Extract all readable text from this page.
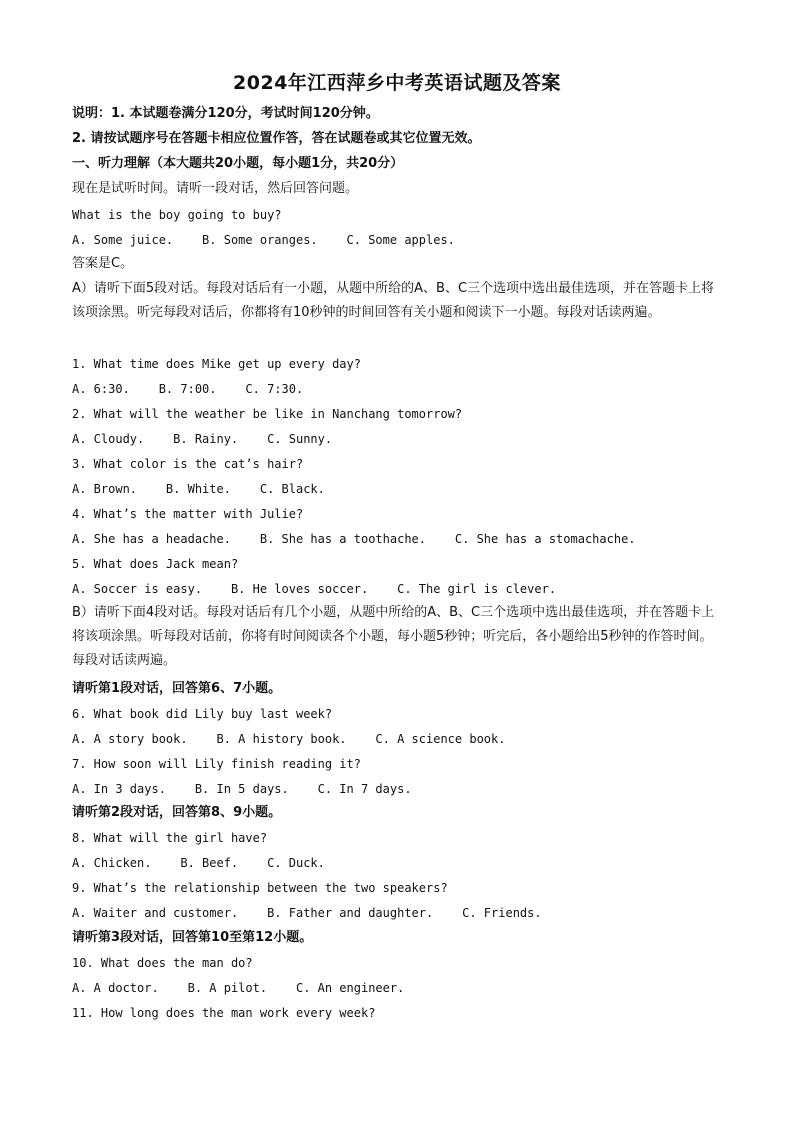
2024年江西萍乡中考英语试题及答案
说明：1. 本试题卷满分120分，考试时间120分钟。
2. 请按试题序号在答题卡相应位置作答，答在试题卷或其它位置无效。
一、听力理解（本大题共20小题，每小题1分，共20分）
现在是试听时间。请听一段对话，然后回答问题。
What is the boy going to buy?
A. Some juice.    B. Some oranges.    C. Some apples.
答案是C。
A）请听下面5段对话。每段对话后有一小题，从题中所给的A、B、C三个选项中选出最佳选项，并在答题卡上将该项涂黑。听完每段对话后，你都将有10秒钟的时间回答有关小题和阅读下一小题。每段对话读两遍。
1. What time does Mike get up every day?
A. 6:30.    B. 7:00.    C. 7:30.
2. What will the weather be like in Nanchang tomorrow?
A. Cloudy.    B. Rainy.    C. Sunny.
3. What color is the cat’s hair?
A. Brown.    B. White.    C. Black.
4. What’s the matter with Julie?
A. She has a headache.    B. She has a toothache.    C. She has a stomachache.
5. What does Jack mean?
A. Soccer is easy.    B. He loves soccer.    C. The girl is clever.
B）请听下面4段对话。每段对话后有几个小题，从题中所给的A、B、C三个选项中选出最佳选项，并在答题卡上将该项涂黑。听每段对话前，你将有时间阅读各个小题，每小题5秒钟；听完后，各小题给出5秒钟的作答时间。每段对话读两遍。
请听第1段对话，回答第6、7小题。
6. What book did Lily buy last week?
A. A story book.    B. A history book.    C. A science book.
7. How soon will Lily finish reading it?
A. In 3 days.    B. In 5 days.    C. In 7 days.
请听第2段对话，回答第8、9小题。
8. What will the girl have?
A. Chicken.    B. Beef.    C. Duck.
9. What’s the relationship between the two speakers?
A. Waiter and customer.    B. Father and daughter.    C. Friends.
请听第3段对话，回答第10至第12小题。
10. What does the man do?
A. A doctor.    B. A pilot.    C. An engineer.
11. How long does the man work every week?
